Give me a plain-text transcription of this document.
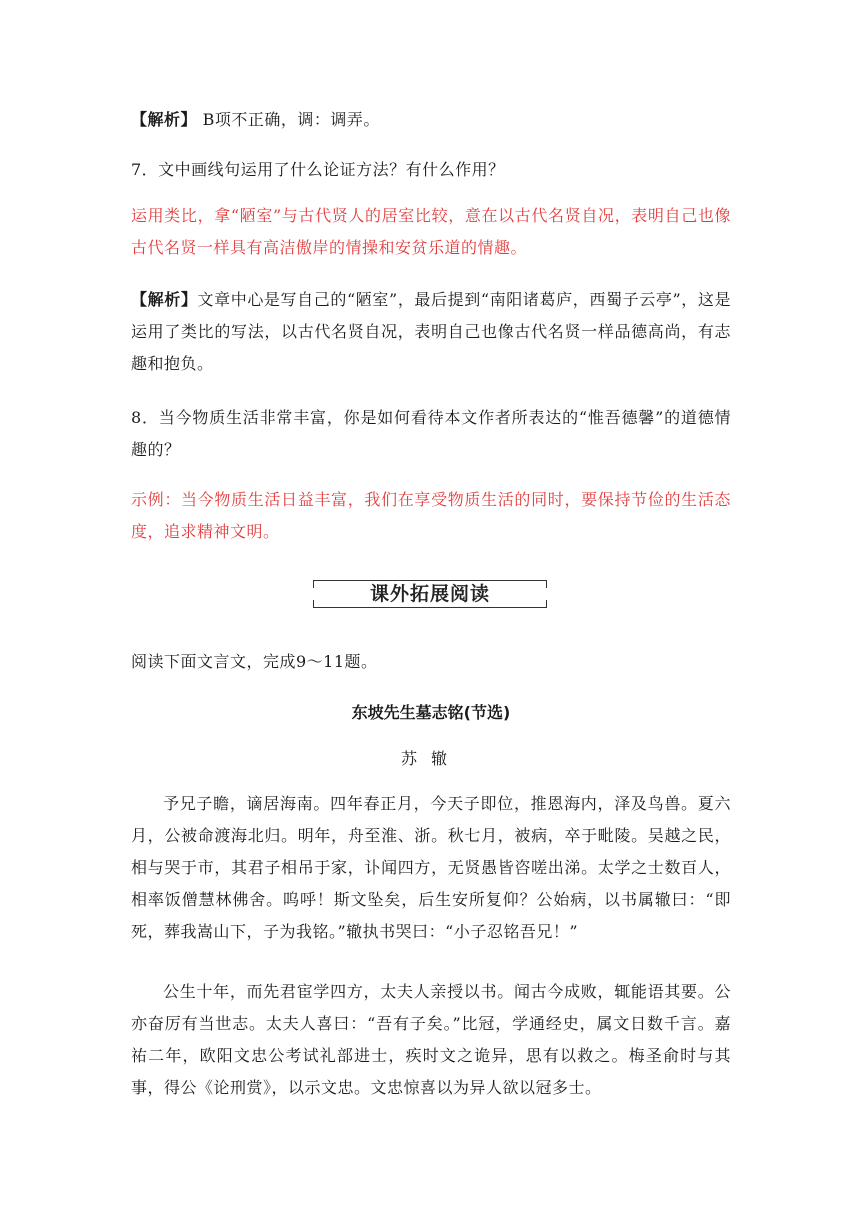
【解析】 B项不正确，调：调弄。
7．文中画线句运用了什么论证方法？有什么作用？
运用类比，拿“陋室”与古代贤人的居室比较，意在以古代名贤自况，表明自己也像古代名贤一样具有高洁傲岸的情操和安贫乐道的情趣。
【解析】文章中心是写自己的“陋室”，最后提到“南阳诸葛庐，西蜀子云亭”，这是运用了类比的写法，以古代名贤自况，表明自己也像古代名贤一样品德高尚，有志趣和抱负。
8．当今物质生活非常丰富，你是如何看待本文作者所表达的“惟吾德馨”的道德情趣的？
示例：当今物质生活日益丰富，我们在享受物质生活的同时，要保持节俭的生活态度，追求精神文明。
课外拓展阅读
阅读下面文言文，完成9～11题。
东坡先生墓志铭(节选)
苏辙
予兄子瞻，谪居海南。四年春正月，今天子即位，推恩海内，泽及鸟兽。夏六月，公被命渡海北归。明年，舟至淮、浙。秋七月，被病，卒于毗陵。吴越之民，相与哭于市，其君子相吊于家，讣闻四方，无贤愚皆咨嗟出涕。太学之士数百人，相率饭僧慧林佛舍。呜呼！斯文坠矣，后生安所复仰？公始病，以书属辙曰：“即死，葬我嵩山下，子为我铭。”辙执书哭曰：“小子忍铭吾兄！”
公生十年，而先君宦学四方，太夫人亲授以书。闻古今成败，辄能语其要。公亦奋厉有当世志。太夫人喜曰：“吾有子矣。”比冠，学通经史，属文日数千言。嘉祐二年，欧阳文忠公考试礼部进士，疾时文之诡异，思有以救之。梅圣俞时与其事，得公《论刑赏》，以示文忠。文忠惊喜以为异人欲以冠多士。
